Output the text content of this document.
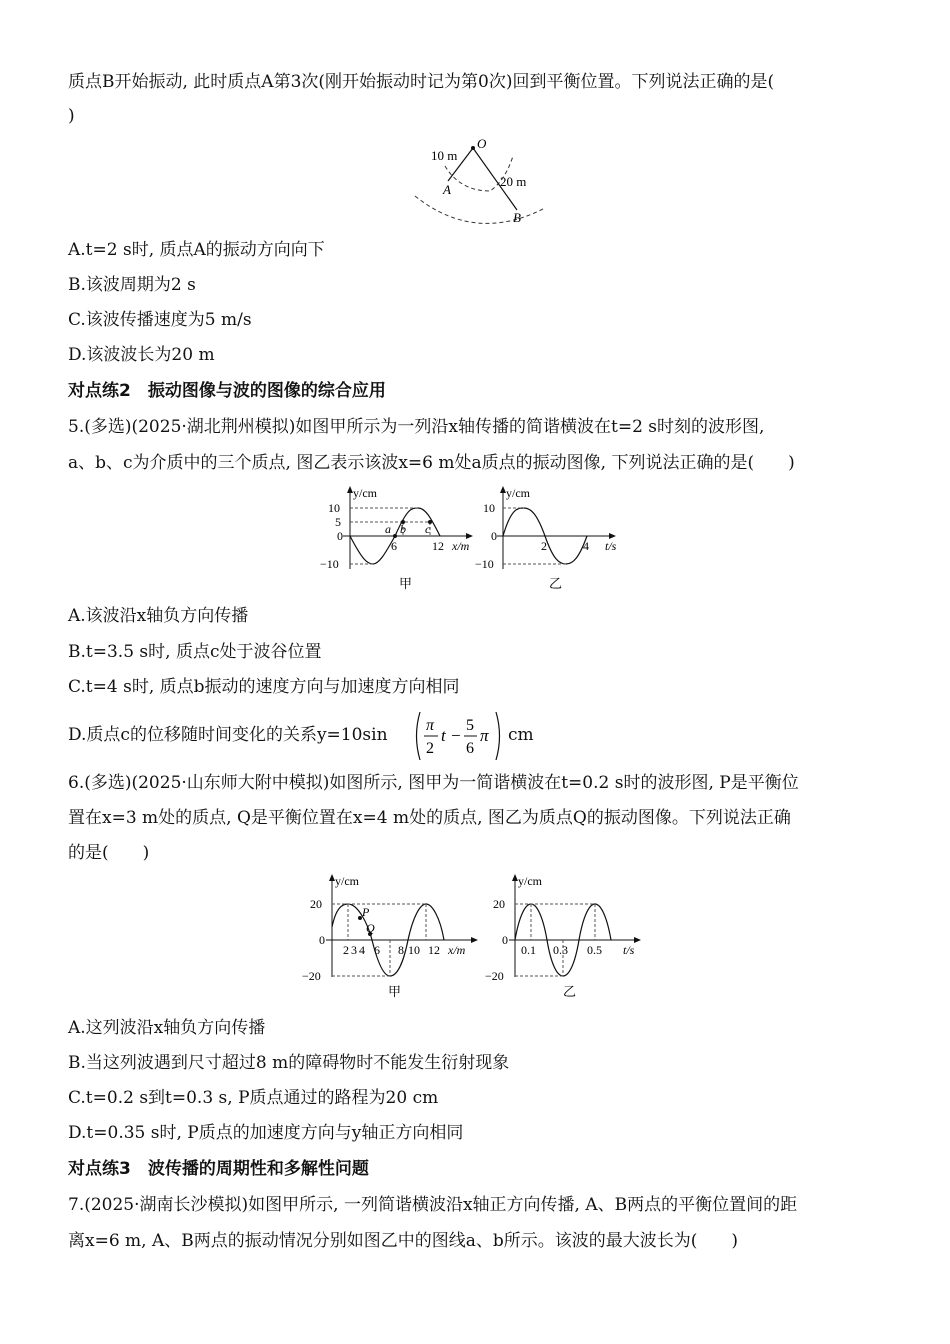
质点B开始振动, 此时质点A第3次(刚开始振动时记为第0次)回到平衡位置。下列说法正确的是(
)
O
A
B
10 m
20 m
A.t=2 s时, 质点A的振动方向向下
B.该波周期为2 s
C.该波传播速度为5 m/s
D.该波波长为20 m
对点练2　振动图像与波的图像的综合应用
5.(多选)(2025·湖北荆州模拟)如图甲所示为一列沿x轴传播的简谐横波在t=2 s时刻的波形图,
a、b、c为介质中的三个质点, 图乙表示该波x=6 m处a质点的振动图像, 下列说法正确的是(　　)
y/cm
10
5
0
−10
6	12 x/m
a b c
甲
y/cm
10
0
−10
2	4 t/s
乙
A.该波沿x轴负方向传播
B.t=3.5 s时, 质点c处于波谷位置
C.t=4 s时, 质点b振动的速度方向与加速度方向相同
D.质点c的位移随时间变化的关系y=10sin π
2
t −
5
6
π cm
6.(多选)(2025·山东师大附中模拟)如图所示, 图甲为一简谐横波在t=0.2 s时的波形图, P是平衡位
置在x=3 m处的质点, Q是平衡位置在x=4 m处的质点, 图乙为质点Q的振动图像。下列说法正确
的是(　　)
y/cm
20
0
−20
2 3 4 6 8 10 12 x/m
P
Q
甲
y/cm
20
0
−20
0.1 0.3 0.5 t/s
乙
A.这列波沿x轴负方向传播
B.当这列波遇到尺寸超过8 m的障碍物时不能发生衍射现象
C.t=0.2 s到t=0.3 s, P质点通过的路程为20 cm
D.t=0.35 s时, P质点的加速度方向与y轴正方向相同
对点练3　波传播的周期性和多解性问题
7.(2025·湖南长沙模拟)如图甲所示, 一列简谐横波沿x轴正方向传播, A、B两点的平衡位置间的距
离x=6 m, A、B两点的振动情况分别如图乙中的图线a、b所示。该波的最大波长为(　　)
